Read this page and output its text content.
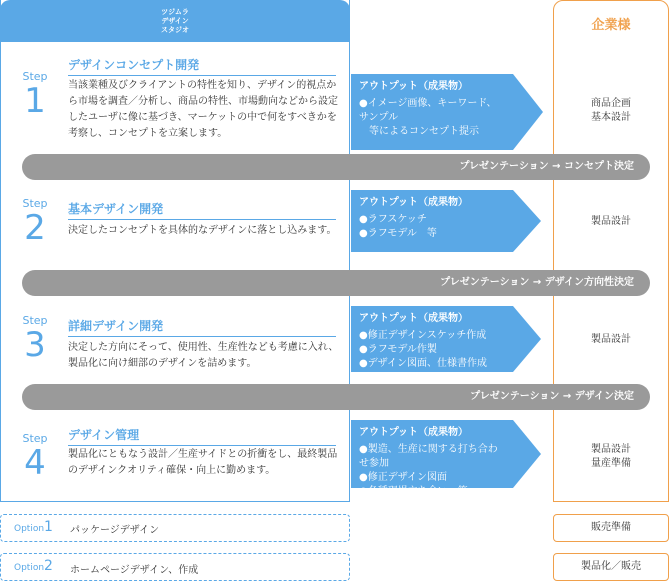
ツジムラ
デザイン
スタジオ	企業様
Step
1
デザインコンセプト開発
当該業種及びクライアントの特性を知り、デザイン的視点から市場を調査／分析し、商品の特性、市場動向などから設定したユーザに像に基づき、マーケットの中で何をすべきかを考察し、コンセプトを立案します。
アウトプット（成果物）
● イメージ画像、キーワード、サンプル
等によるコンセプト提示
商品企画
基本設計
プレゼンテーション → コンセプト決定
Step
2	基本デザイン開発
決定したコンセプトを具体的なデザインに落とし込みます。
アウトプット（成果物）
● ラフスケッチ
● ラフモデル　等
製品設計
プレゼンテーション → デザイン方向性決定
Step
3	詳細デザイン開発
決定した方向にそって、使用性、生産性なども考慮に入れ、製品化に向け細部のデザインを詰めます。
アウトプット（成果物）
● 修正デザインスケッチ作成
● ラフモデル作製
● デザイン図面、仕様書作成
製品設計
プレゼンテーション → デザイン決定
Step
4
デザイン管理
製品化にともなう設計／生産サイドとの折衝をし、最終製品のデザインクオリティ確保・向上に勤めます。
アウトプット（成果物）
● 製造、生産に関する打ち合わせ参加
● 修正デザイン図面
● 各種現場立ち会い　等
製品設計
量産準備
Option1 パッケージデザイン	販売準備
Option2 ホームページデザイン、作成	製品化／販売
